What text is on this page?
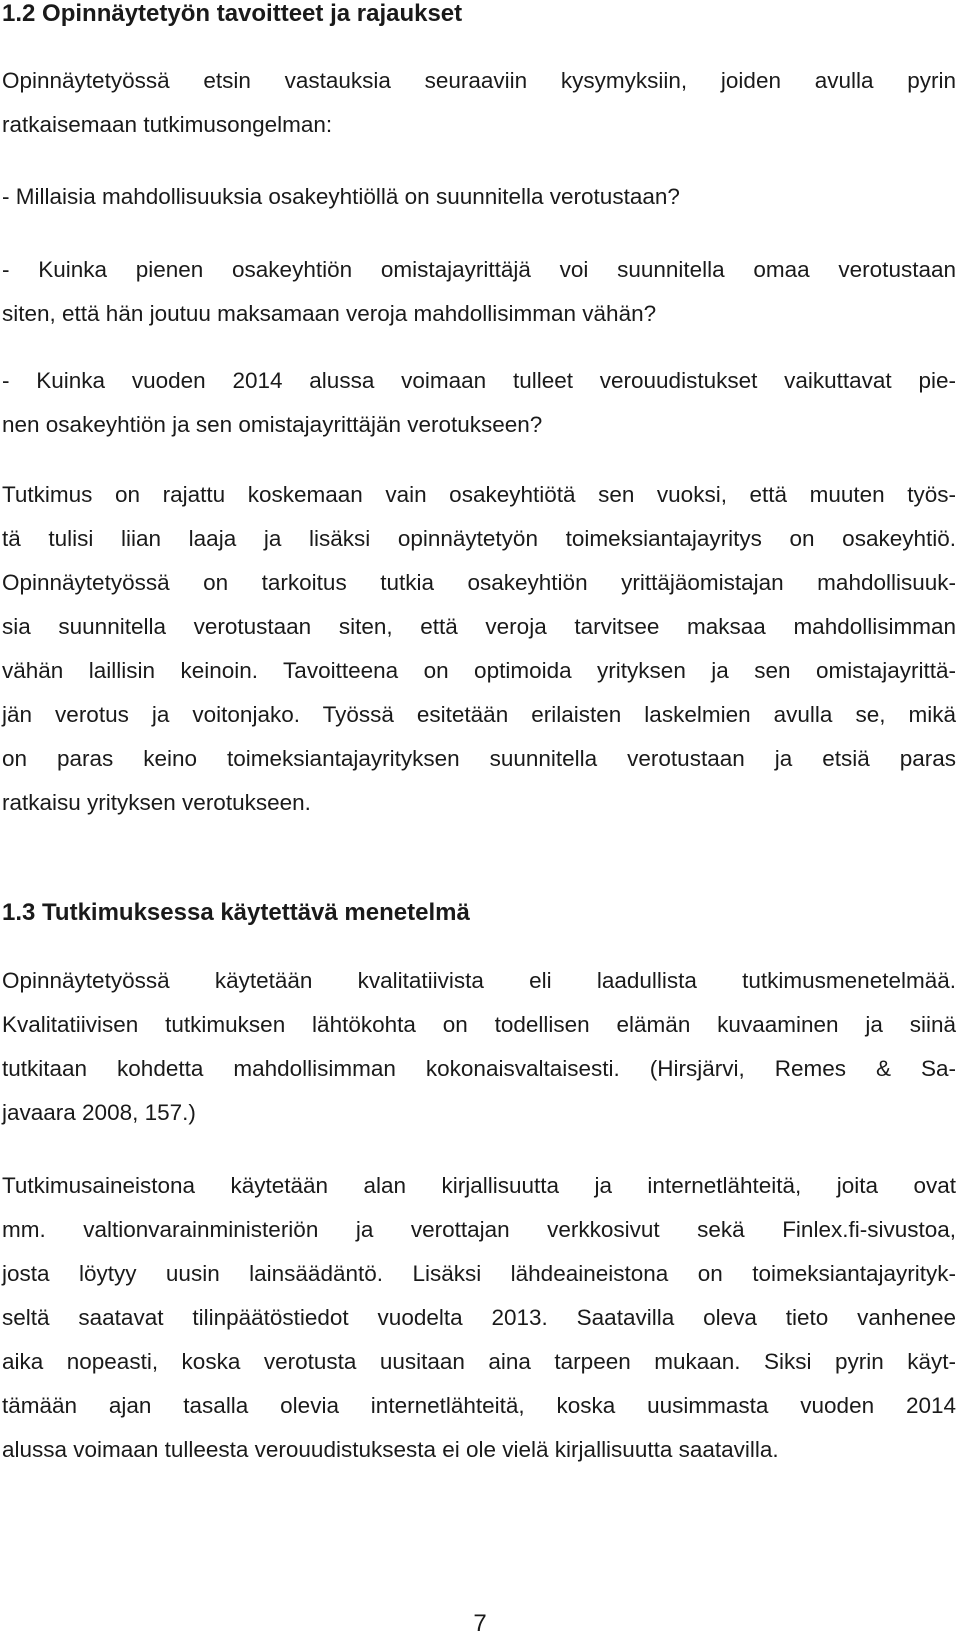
1.2 Opinnäytetyön tavoitteet ja rajaukset

Opinnäytetyössä etsin vastauksia seuraaviin kysymyksiin, joiden avulla pyrin
ratkaisemaan tutkimusongelman:

- Millaisia mahdollisuuksia osakeyhtiöllä on suunnitella verotustaan?

- Kuinka pienen osakeyhtiön omistajayrittäjä voi suunnitella omaa verotustaan
siten, että hän joutuu maksamaan veroja mahdollisimman vähän?

- Kuinka vuoden 2014 alussa voimaan tulleet verouudistukset vaikuttavat pie-
nen osakeyhtiön ja sen omistajayrittäjän verotukseen?

Tutkimus on rajattu koskemaan vain osakeyhtiötä sen vuoksi, että muuten työs-
tä tulisi liian laaja ja lisäksi opinnäytetyön toimeksiantajayritys on osakeyhtiö.
Opinnäytetyössä on tarkoitus tutkia osakeyhtiön yrittäjäomistajan mahdollisuuk-
sia suunnitella verotustaan siten, että veroja tarvitsee maksaa mahdollisimman
vähän laillisin keinoin. Tavoitteena on optimoida yrityksen ja sen omistajayrittä-
jän verotus ja voitonjako. Työssä esitetään erilaisten laskelmien avulla se, mikä
on paras keino toimeksiantajayrityksen suunnitella verotustaan ja etsiä paras
ratkaisu yrityksen verotukseen.

1.3 Tutkimuksessa käytettävä menetelmä

Opinnäytetyössä käytetään kvalitatiivista eli laadullista tutkimusmenetelmää.
Kvalitatiivisen tutkimuksen lähtökohta on todellisen elämän kuvaaminen ja siinä
tutkitaan kohdetta mahdollisimman kokonaisvaltaisesti. (Hirsjärvi, Remes & Sa-
javaara 2008, 157.)

Tutkimusaineistona käytetään alan kirjallisuutta ja internetlähteitä, joita ovat
mm. valtionvarainministeriön ja verottajan verkkosivut sekä Finlex.fi-sivustoa,
josta löytyy uusin lainsäädäntö. Lisäksi lähdeaineistona on toimeksiantajayrityk-
seltä saatavat tilinpäätöstiedot vuodelta 2013. Saatavilla oleva tieto vanhenee
aika nopeasti, koska verotusta uusitaan aina tarpeen mukaan. Siksi pyrin käyt-
tämään ajan tasalla olevia internetlähteitä, koska uusimmasta vuoden 2014
alussa voimaan tulleesta verouudistuksesta ei ole vielä kirjallisuutta saatavilla.

7
